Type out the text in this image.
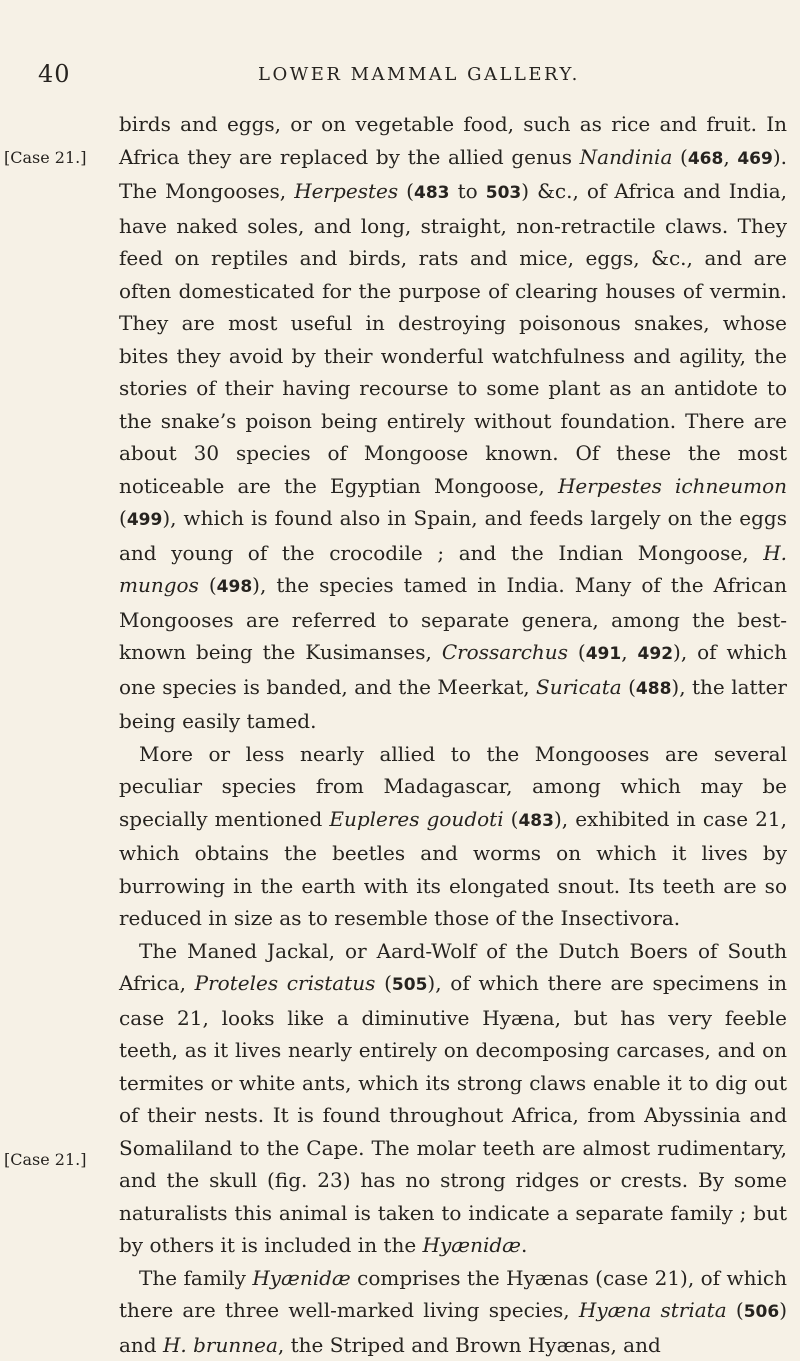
40	LOWER MAMMAL GALLERY.
[Case 21.]
[Case 21.]

birds and eggs, or on vegetable food, such as rice and fruit. In Africa they are replaced by the allied genus Nandinia (468, 469). The Mongooses, Herpestes (483 to 503) &c., of Africa and India, have naked soles, and long, straight, non-retractile claws. They feed on reptiles and birds, rats and mice, eggs, &c., and are often domesticated for the purpose of clearing houses of vermin. They are most useful in destroying poisonous snakes, whose bites they avoid by their wonderful watchfulness and agility, the stories of their having recourse to some plant as an antidote to the snake’s poison being entirely without foundation. There are about 30 species of Mongoose known. Of these the most noticeable are the Egyptian Mongoose, Herpestes ichneumon (499), which is found also in Spain, and feeds largely on the eggs and young of the crocodile ; and the Indian Mongoose, H. mungos (498), the species tamed in India. Many of the African Mongooses are referred to separate genera, among the best-known being the Kusimanses, Crossarchus (491, 492), of which one species is banded, and the Meerkat, Suricata (488), the latter being easily tamed.

More or less nearly allied to the Mongooses are several peculiar species from Madagascar, among which may be specially mentioned Eupleres goudoti (483), exhibited in case 21, which obtains the beetles and worms on which it lives by burrowing in the earth with its elongated snout. Its teeth are so reduced in size as to resemble those of the Insectivora.

The Maned Jackal, or Aard-Wolf of the Dutch Boers of South Africa, Proteles cristatus (505), of which there are specimens in case 21, looks like a diminutive Hyæna, but has very feeble teeth, as it lives nearly entirely on decomposing carcases, and on termites or white ants, which its strong claws enable it to dig out of their nests. It is found throughout Africa, from Abyssinia and Somaliland to the Cape. The molar teeth are almost rudimentary, and the skull (fig. 23) has no strong ridges or crests. By some naturalists this animal is taken to indicate a separate family ; but by others it is included in the Hyænidæ.

The family Hyænidæ comprises the Hyænas (case 21), of which there are three well-marked living species, Hyæna striata (506) and H. brunnea, the Striped and Brown Hyænas, and
